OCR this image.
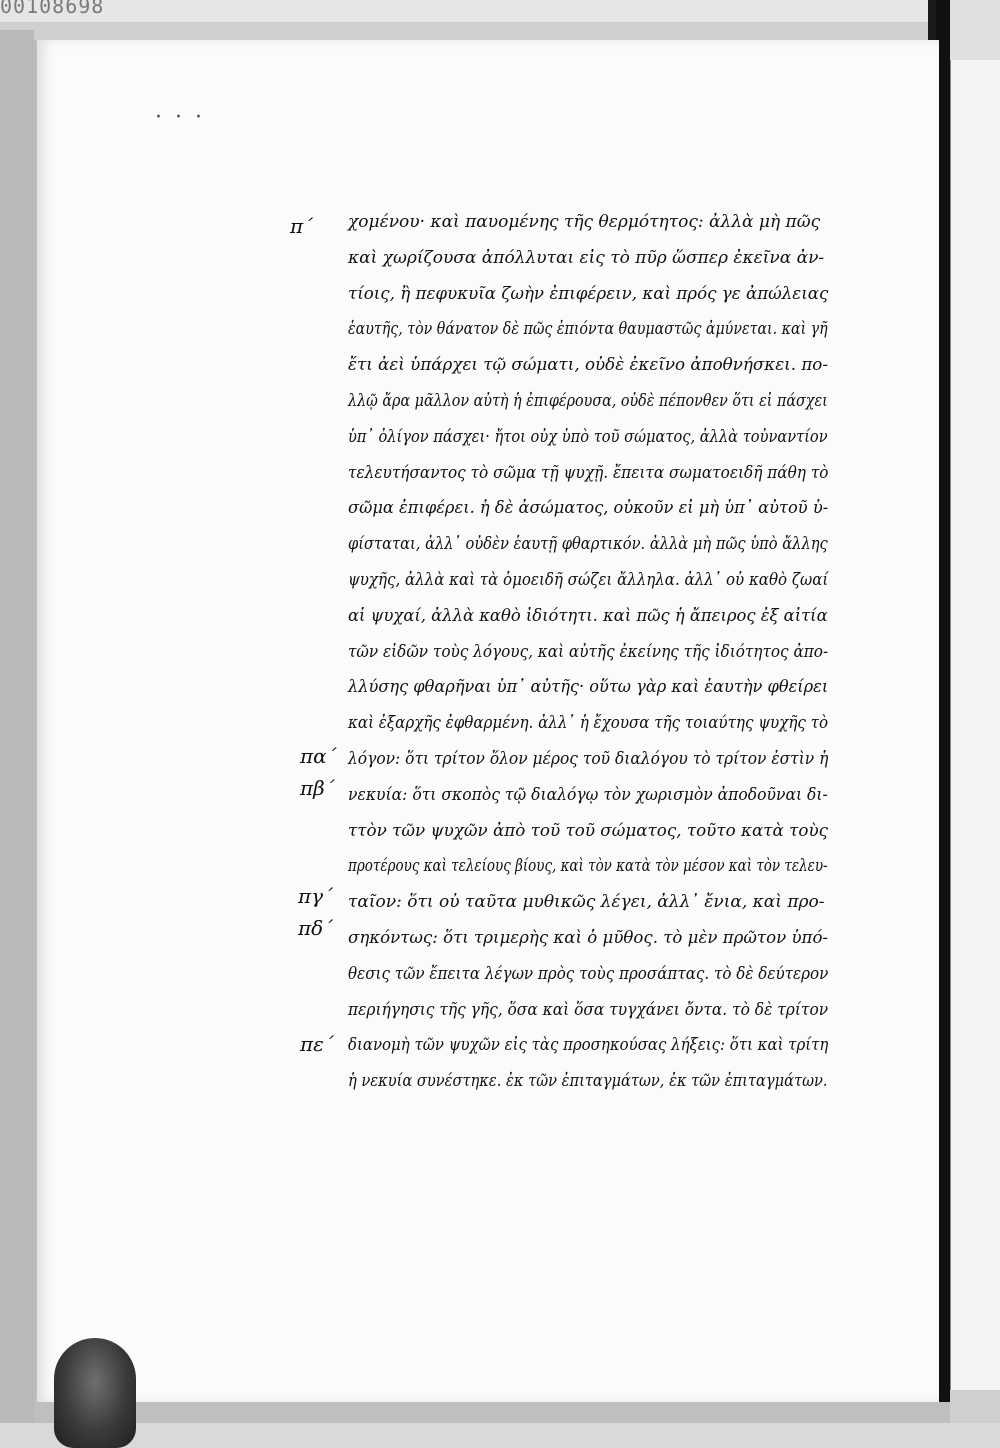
00108698
· · ·
χομένου· καὶ παυομένης τῆς θερμότητος: ἀλλὰ μὴ πῶς
καὶ χωρίζουσα ἀπόλλυται εἰς τὸ πῦρ ὥσπερ ἐκεῖνα ἀν-
τίοις, ἢ πεφυκυῖα ζωὴν ἐπιφέρειν, καὶ πρός γε ἀπώλειας
ἑαυτῆς, τὸν θάνατον δὲ πῶς ἐπιόντα θαυμαστῶς ἀμύνεται. καὶ γῆ
ἔτι ἀεὶ ὑπάρχει τῷ σώματι, οὐδὲ ἐκεῖνο ἀποθνήσκει. πο-
λλῷ ἄρα μᾶλλον αὐτὴ ἡ ἐπιφέρουσα, οὐδὲ πέπονθεν ὅτι εἰ πάσχει
ὑπ᾽ ὀλίγον πάσχει· ἤτοι οὐχ ὑπὸ τοῦ σώματος, ἀλλὰ τοὐναντίον
τελευτήσαντος τὸ σῶμα τῇ ψυχῇ. ἔπειτα σωματοειδῆ πάθη τὸ
σῶμα ἐπιφέρει. ἡ δὲ ἀσώματος, οὐκοῦν εἰ μὴ ὑπ᾽ αὐτοῦ ὑ-
φίσταται, ἀλλ᾽ οὐδὲν ἑαυτῇ φθαρτικόν. ἀλλὰ μὴ πῶς ὑπὸ ἄλλης
ψυχῆς, ἀλλὰ καὶ τὰ ὁμοειδῆ σώζει ἄλληλα. ἀλλ᾽ οὐ καθὸ ζωαί
αἱ ψυχαί, ἀλλὰ καθὸ ἰδιότητι. καὶ πῶς ἡ ἄπειρος ἐξ αἰτία
τῶν εἰδῶν τοὺς λόγους, καὶ αὐτῆς ἐκείνης τῆς ἰδιότητος ἀπο-
λλύσης φθαρῆναι ὑπ᾽ αὐτῆς· οὕτω γὰρ καὶ ἑαυτὴν φθείρει
καὶ ἐξαρχῆς ἐφθαρμένη. ἀλλ᾽ ἡ ἔχουσα τῆς τοιαύτης ψυχῆς τὸ
λόγον: ὅτι τρίτον ὅλον μέρος τοῦ διαλόγου τὸ τρίτον ἐστὶν ἡ
νεκυία: ὅτι σκοπὸς τῷ διαλόγῳ τὸν χωρισμὸν ἀποδοῦναι δι-
ττὸν τῶν ψυχῶν ἀπὸ τοῦ τοῦ σώματος, τοῦτο κατὰ τοὺς
προτέρους καὶ τελείους βίους, καὶ τὸν κατὰ τὸν μέσον καὶ τὸν τελευ-
ταῖον: ὅτι οὐ ταῦτα μυθικῶς λέγει, ἀλλ᾽ ἔνια, καὶ προ-
σηκόντως: ὅτι τριμερὴς καὶ ὁ μῦθος. τὸ μὲν πρῶτον ὑπό-
θεσις τῶν ἔπειτα λέγων πρὸς τοὺς προσάπτας. τὸ δὲ δεύτερον
περιήγησις τῆς γῆς, ὅσα καὶ ὅσα τυγχάνει ὄντα. τὸ δὲ τρίτον
διανομὴ τῶν ψυχῶν εἰς τὰς προσηκούσας λήξεις: ὅτι καὶ τρίτη
ἡ νεκυία συνέστηκε. ἐκ τῶν ἐπιταγμάτων, ἐκ τῶν ἐπιταγμάτων.
π΄
πα΄
πβ΄
πγ΄
πδ΄
πε΄
